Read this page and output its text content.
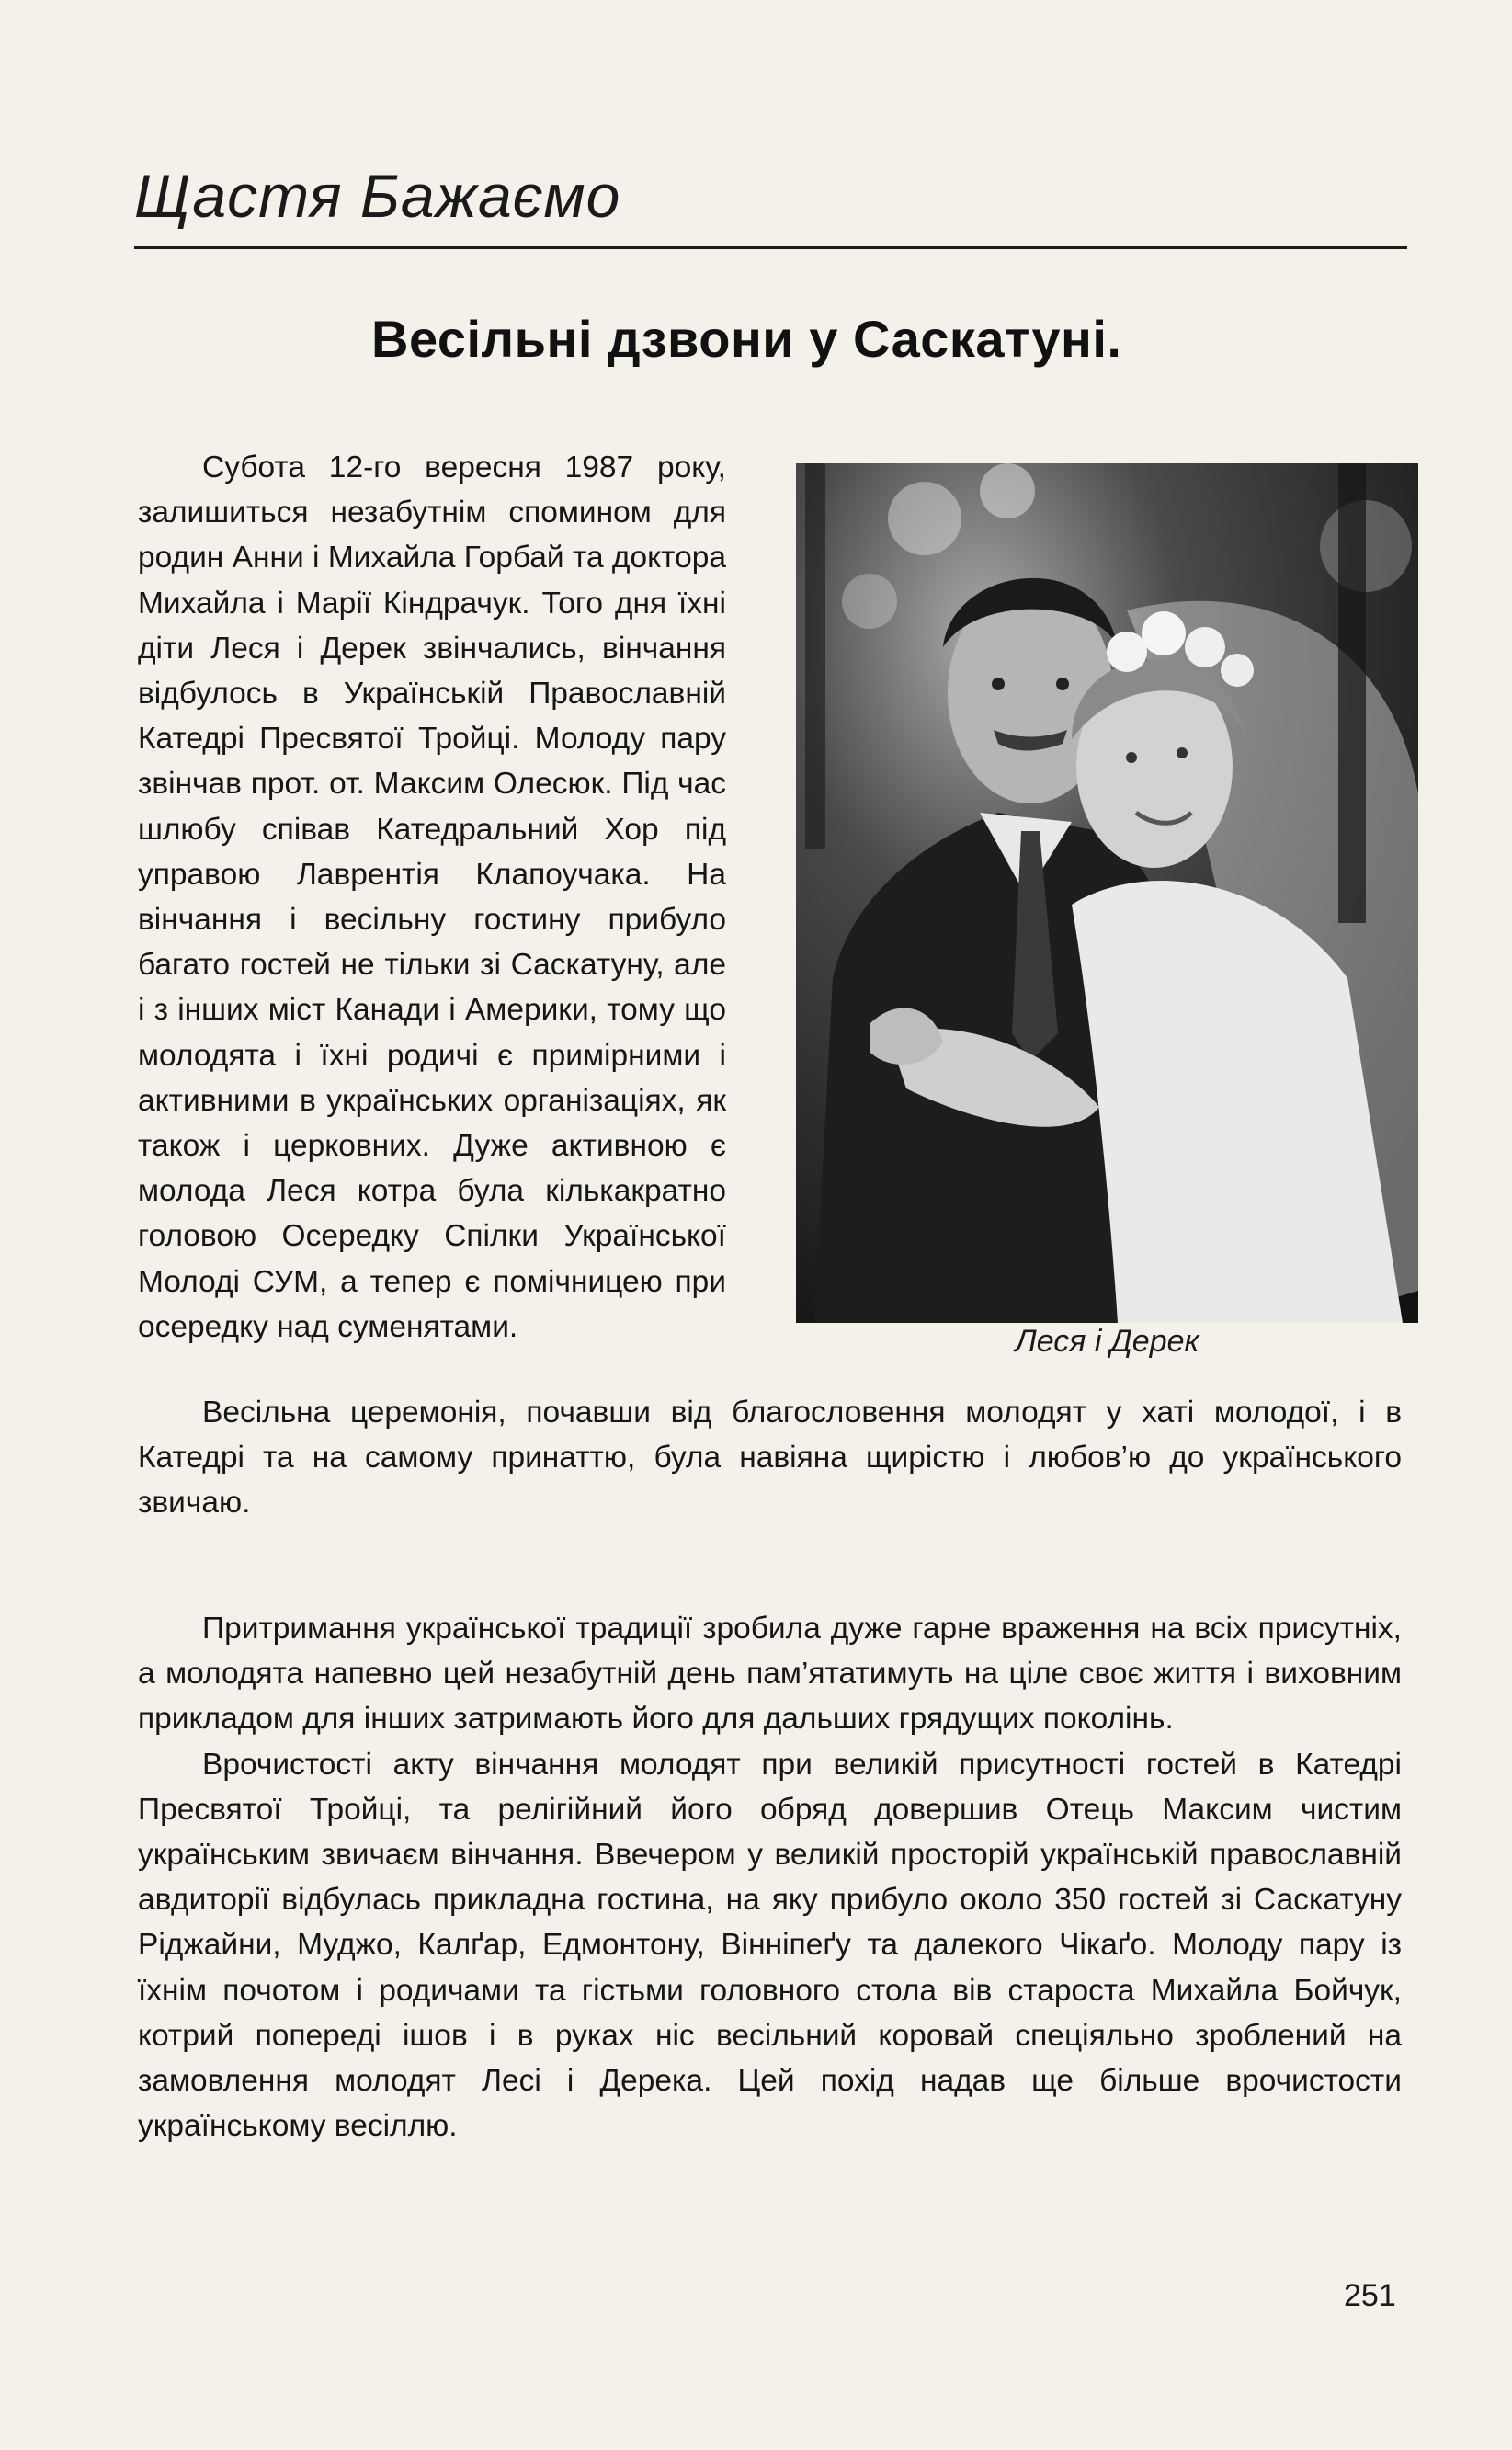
Щастя Бажаємо
Весільні дзвони у Саскатуні.

Субота 12-го вересня 1987 року, залишиться незабутнім спомином для родин Анни і Михайла Горбай та доктора Михайла і Марії Кіндрачук. Того дня їхні діти Леся і Дерек звінчались, вінчання відбулось в Українській Православній Катедрі Пресвятої Тройці. Молоду пару звінчав прот. от. Максим Олесюк. Під час шлюбу співав Катедральний Хор під управою Лаврентія Клапоучака. На вінчання і весільну гостину прибуло багато гостей не тільки зі Саскатуну, але і з інших міст Канади і Америки, тому що молодята і їхні родичі є примірними і активними в українських організаціях, як також і церковних. Дуже активною є молода Леся котра була кількакратно головою Осередку Спілки Української Молоді СУМ, а тепер є помічницею при осередку над суменятами.	Леся і Дерек

Весільна церемонія, почавши від благословення молодят у хаті молодої, і в Катедрі та на самому принаттю, була навіяна щирістю і любов’ю до українського звичаю.

Притримання української традиції зробила дуже гарне враження на всіх присутніх, а молодята напевно цей незабутній день пам’ятатимуть на ціле своє життя і виховним прикладом для інших затримають його для дальших грядущих поколінь.

Врочистості акту вінчання молодят при великій присутності гостей в Катедрі Пресвятої Тройці, та релігійний його обряд довершив Отець Максим чистим українським звичаєм вінчання. Ввечером у великій просторій українській православній авдиторії відбулась прикладна гостина, на яку прибуло около 350 гостей зі Саскатуну Ріджайни, Муджо, Калґар, Едмонтону, Вінніпеґу та далекого Чікаґо. Молоду пару із їхнім почотом і родичами та гістьми головного стола вів староста Михайла Бойчук, котрий попереді ішов і в руках ніс весільний коровай спеціяльно зроблений на замовлення молодят Лесі і Дерека. Цей похід надав ще більше врочистости українському весіллю.

251
